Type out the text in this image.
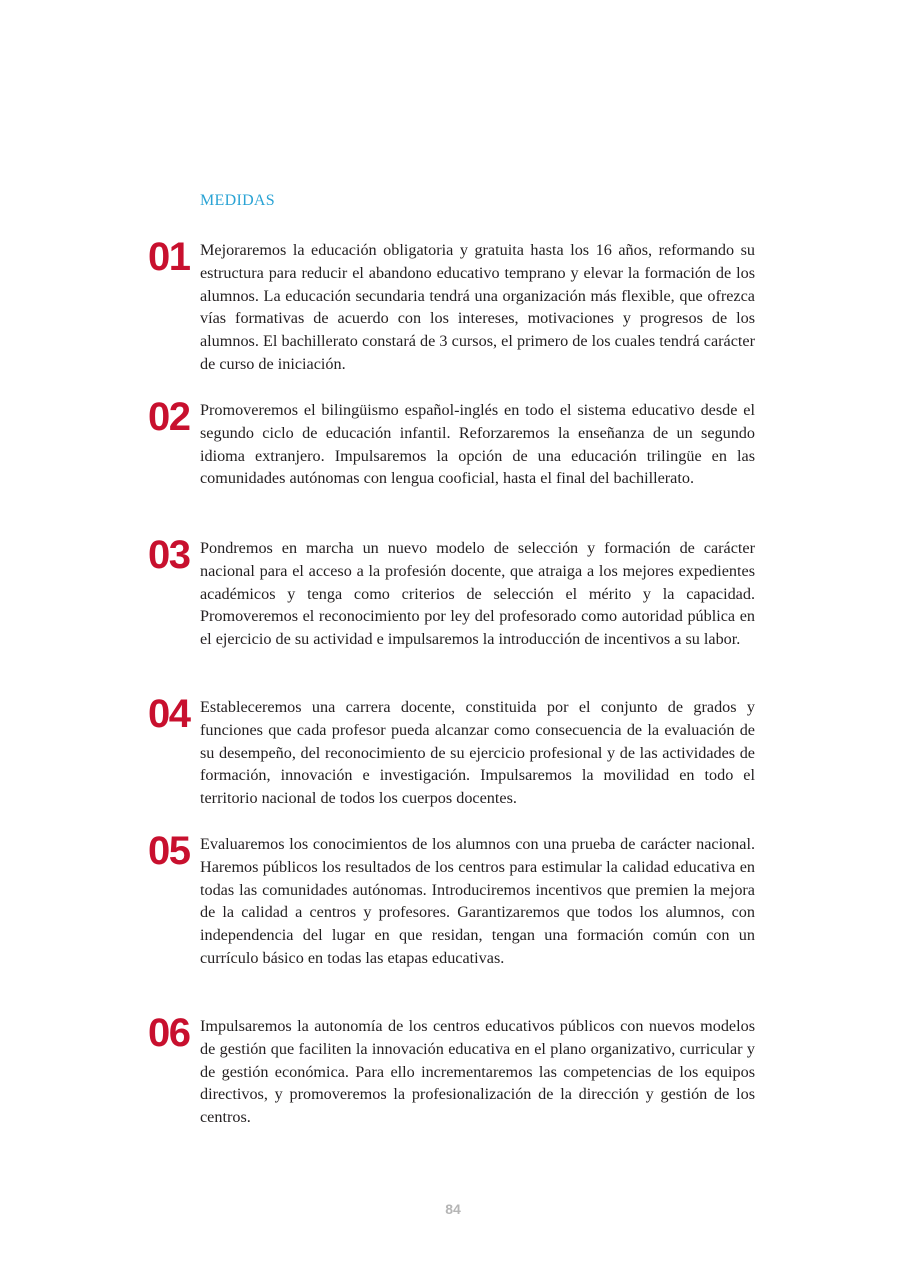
MEDIDAS
01 Mejoraremos la educación obligatoria y gratuita hasta los 16 años, reformando su estructura para reducir el abandono educativo temprano y elevar la formación de los alumnos. La educación secundaria tendrá una organización más flexible, que ofrezca vías formativas de acuerdo con los intereses, motivaciones y progresos de los alumnos. El bachillerato constará de 3 cursos, el primero de los cuales tendrá carácter de curso de iniciación.

02 Promoveremos el bilingüismo español-inglés en todo el sistema educativo desde el segundo ciclo de educación infantil. Reforzaremos la enseñanza de un segundo idioma extranjero. Impulsaremos la opción de una educación trilingüe en las comunidades autónomas con lengua cooficial, hasta el final del bachillerato.

03 Pondremos en marcha un nuevo modelo de selección y formación de carácter nacional para el acceso a la profesión docente, que atraiga a los mejores expedientes académicos y tenga como criterios de selección el mérito y la capacidad. Promoveremos el reconocimiento por ley del profesorado como autoridad pública en el ejercicio de su actividad e impulsaremos la introducción de incentivos a su labor.

04 Estableceremos una carrera docente, constituida por el conjunto de grados y funciones que cada profesor pueda alcanzar como consecuencia de la evaluación de su desempeño, del reconocimiento de su ejercicio profesional y de las actividades de formación, innovación e investigación. Impulsaremos la movilidad en todo el territorio nacional de todos los cuerpos docentes.

05 Evaluaremos los conocimientos de los alumnos con una prueba de carácter nacional. Haremos públicos los resultados de los centros para estimular la calidad educativa en todas las comunidades autónomas. Introduciremos incentivos que premien la mejora de la calidad a centros y profesores. Garantizaremos que todos los alumnos, con independencia del lugar en que residan, tengan una formación común con un currículo básico en todas las etapas educativas.

06 Impulsaremos la autonomía de los centros educativos públicos con nuevos modelos de gestión que faciliten la innovación educativa en el plano organizativo, curricular y de gestión económica. Para ello incrementaremos las competencias de los equipos directivos, y promoveremos la profesionalización de la dirección y gestión de los centros.

84
